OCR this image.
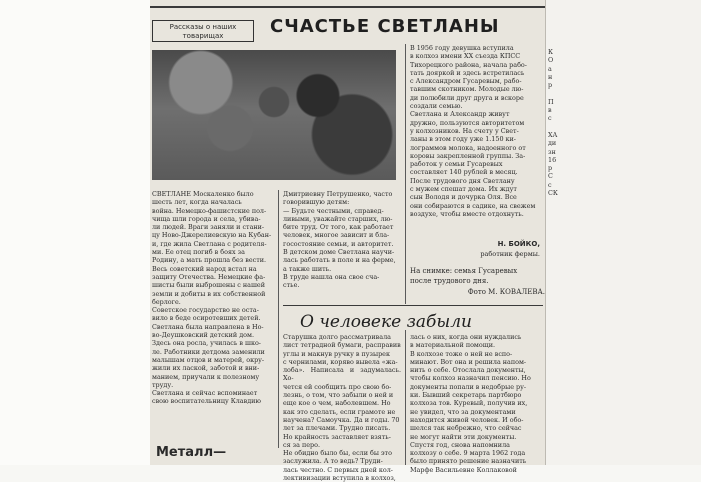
Рассказы о наших товарищах	СЧАСТЬЕ СВЕТЛАНЫ
В 1956 году девушка вступила
в колхоз имени XX съезда КПСС
Тихорецкого района, начала рабо-
тать дояркой и здесь встретилась
с Александром Гусаревым, рабо-
тавшим скотником. Молодые лю-
ди полюбили друг друга и вскоре
создали семью.
Светлана и Александр живут
дружно, пользуются авторитетом
у колхозников. На счету у Свет-
ланы в этом году уже 1.150 ки-
лограммов молока, надоенного от
коровы закрепленной группы. За-
работок у семьи Гусаревых
составляет 140 рублей в месяц.
После трудового дня Светлану
с мужем спешат дома. Их ждут
сын Володя и дочурка Оля. Все
они собираются в садике, на свежем
воздухе, чтобы вместе отдохнуть.
Н. БОЙКО,
работник фермы.
На снимке: семья Гусаревых
после трудового дня.
Фото М. КОВАЛЕВА.
СВЕТЛАНЕ Москаленко было
шесть лет, когда началась
война. Немецко-фашистские пол-
чища шли города и села, убива-
ли людей. Враги заняли и стани-
цу Ново-Джерелиевскую на Кубан-
и, где жила Светлана с родителя-
ми. Ее отец погиб в боях за
Родину, а мать прошла без вести.
Весь советский народ встал на
защиту Отечества. Немецкие фа-
шисты были выброшены с нашей
земли и добиты в их собственной
берлоге.
Советское государство не оста-
вило в беде осиротевших детей.
Светлана была направлена в Но-
во-Деушковский детский дом.
Здесь она росла, училась в шко-
ле. Работники детдома заменили
малышам отцов и матерей, окру-
жили их лаской, заботой и вни-
манием, приучали к полезному
труду.
Светлана и сейчас вспоминает
свою воспитательницу Клавдию
Дмитриевну Петрушенко, часто
говорившую детям:
— Будьте честными, справед-
ливыми, уважайте старших, лю-
бите труд. От того, как работает
человек, многое зависит и бла-
госостояние семьи, и авторитет.
В детском доме Светлана научи-
лась работать в поле и на ферме,
а также шить.
В труде нашла она свое сча-
стье.
О человеке забыли
Старушка долго рассматривала
лист тетрадной бумаги, расправив
углы и макнув ручку в пузырек
с чернилами, коряво вывела «жа-
лоба». Написала и задумалась. Хо-
чется ей сообщить про свою бо-
лезнь, о том, что забыли о ней и
еще кое о чем, наболевшем. Но
как это сделать, если грамоте не
научена? Самоучка. Да и годы. 70
лет за плечами. Трудно писать.
Но крайность заставляет взять-
ся за перо.
Не обидно было бы, если бы это
заслужила. А то ведь? Труди-
лась честно. С первых дней кол-
лективизации вступила в колхоз,
лась о них, когда они нуждались
в материальной помощи.
В колхозе тоже о ней не вспо-
минают. Вот она и решила напом-
нить о себе. Отослала документы,
чтобы колхоз назначил пенсию. Но
документы попали в недобрые ру-
ки. Бывший секретарь партбюро
колхоза тов. Куревый, получив их,
не увидел, что за документами
находится живой человек. И обо-
шелся так небрежно, что сейчас
не могут найти эти документы.
Спустя год, снова напомнила
колхозу о себе. 9 марта 1962 года
было принято решение назначить
Марфе Васильевне Коллаковой
Металл—
К
О
а
н
р

П
в
с

ХА
ди
зн
16
р
С
с
СК
